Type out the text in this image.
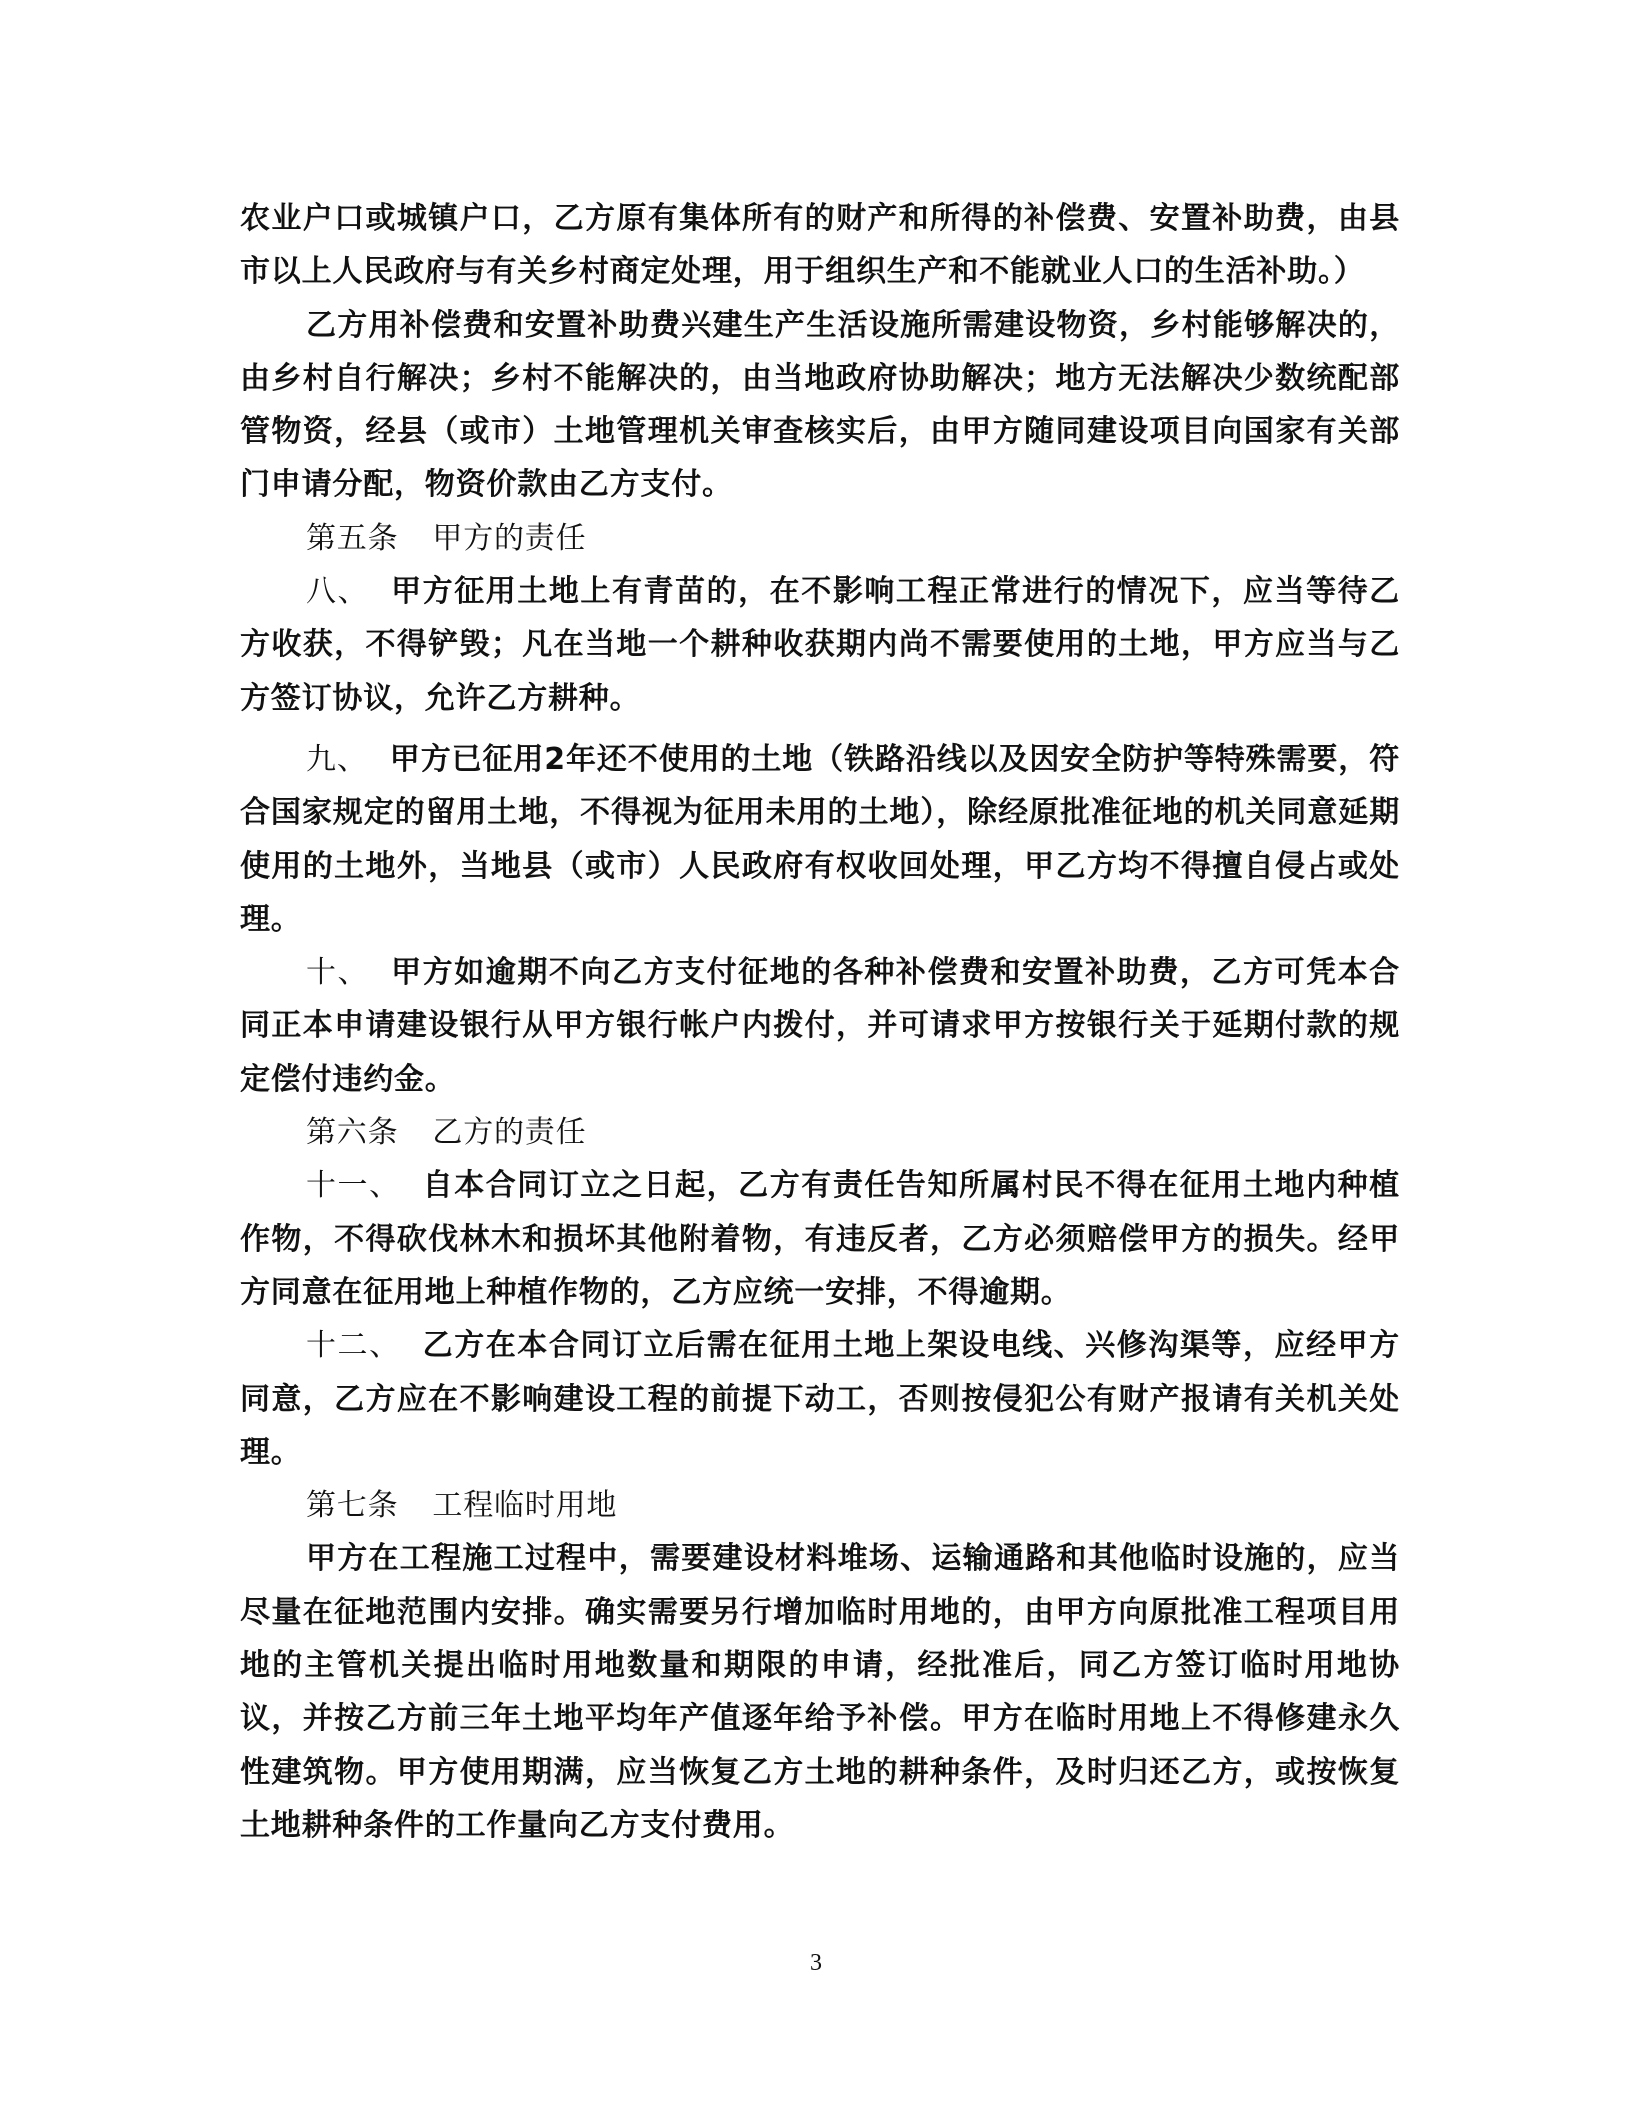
农业户口或城镇户口，乙方原有集体所有的财产和所得的补偿费、安置补助费，由县市以上人民政府与有关乡村商定处理，用于组织生产和不能就业人口的生活补助。）

乙方用补偿费和安置补助费兴建生产生活设施所需建设物资，乡村能够解决的，由乡村自行解决；乡村不能解决的，由当地政府协助解决；地方无法解决少数统配部管物资，经县（或市）土地管理机关审查核实后，由甲方随同建设项目向国家有关部门申请分配，物资价款由乙方支付。

第五条 甲方的责任

八、 甲方征用土地上有青苗的，在不影响工程正常进行的情况下，应当等待乙方收获，不得铲毁；凡在当地一个耕种收获期内尚不需要使用的土地，甲方应当与乙方签订协议，允许乙方耕种。

九、 甲方已征用2年还不使用的土地（铁路沿线以及因安全防护等特殊需要，符合国家规定的留用土地，不得视为征用未用的土地），除经原批准征地的机关同意延期使用的土地外，当地县（或市）人民政府有权收回处理，甲乙方均不得擅自侵占或处理。

十、 甲方如逾期不向乙方支付征地的各种补偿费和安置补助费，乙方可凭本合同正本申请建设银行从甲方银行帐户内拨付，并可请求甲方按银行关于延期付款的规定偿付违约金。

第六条 乙方的责任

十一、 自本合同订立之日起，乙方有责任告知所属村民不得在征用土地内种植作物，不得砍伐林木和损坏其他附着物，有违反者，乙方必须赔偿甲方的损失。经甲方同意在征用地上种植作物的，乙方应统一安排，不得逾期。

十二、 乙方在本合同订立后需在征用土地上架设电线、兴修沟渠等，应经甲方同意，乙方应在不影响建设工程的前提下动工，否则按侵犯公有财产报请有关机关处理。

第七条 工程临时用地

甲方在工程施工过程中，需要建设材料堆场、运输通路和其他临时设施的，应当尽量在征地范围内安排。确实需要另行增加临时用地的，由甲方向原批准工程项目用地的主管机关提出临时用地数量和期限的申请，经批准后，同乙方签订临时用地协议，并按乙方前三年土地平均年产值逐年给予补偿。甲方在临时用地上不得修建永久性建筑物。甲方使用期满，应当恢复乙方土地的耕种条件，及时归还乙方，或按恢复土地耕种条件的工作量向乙方支付费用。

3
